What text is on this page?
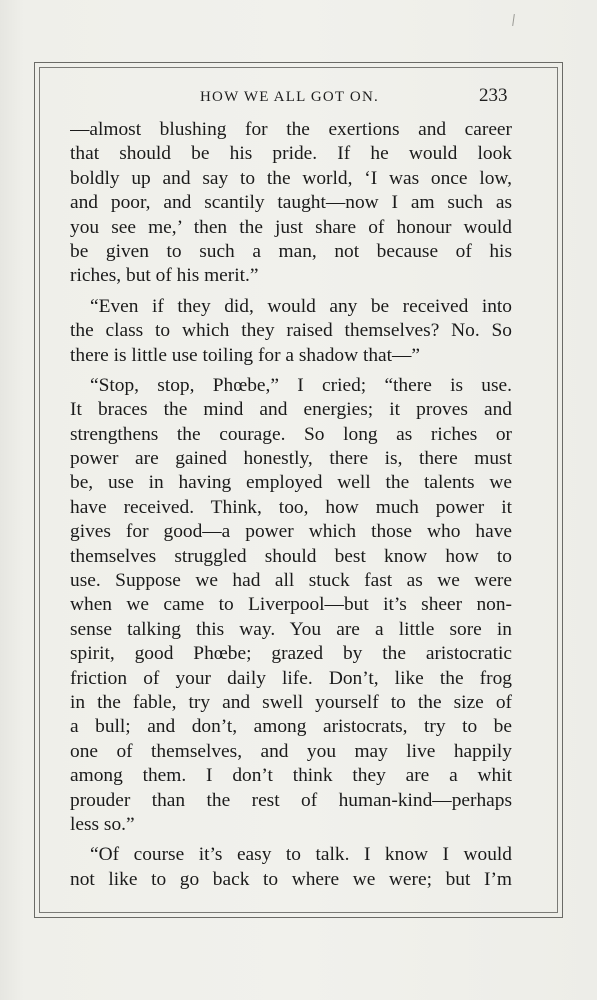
HOW WE ALL GOT ON.	233
—almost blushing for the exertions and career
that should be his pride. If he would look
boldly up and say to the world, ‘I was once low,
and poor, and scantily taught—now I am such as
you see me,’ then the just share of honour would
be given to such a man, not because of his
riches, but of his merit.”
“Even if they did, would any be received into
the class to which they raised themselves? No. So
there is little use toiling for a shadow that—”
“Stop, stop, Phœbe,” I cried; “there is use.
It braces the mind and energies; it proves and
strengthens the courage. So long as riches or
power are gained honestly, there is, there must
be, use in having employed well the talents we
have received. Think, too, how much power it
gives for good—a power which those who have
themselves struggled should best know how to
use. Suppose we had all stuck fast as we were
when we came to Liverpool—but it’s sheer non-
sense talking this way. You are a little sore in
spirit, good Phœbe; grazed by the aristocratic
friction of your daily life. Don’t, like the frog
in the fable, try and swell yourself to the size of
a bull; and don’t, among aristocrats, try to be
one of themselves, and you may live happily
among them. I don’t think they are a whit
prouder than the rest of human-kind—perhaps
less so.”
“Of course it’s easy to talk. I know I would
not like to go back to where we were; but I’m
